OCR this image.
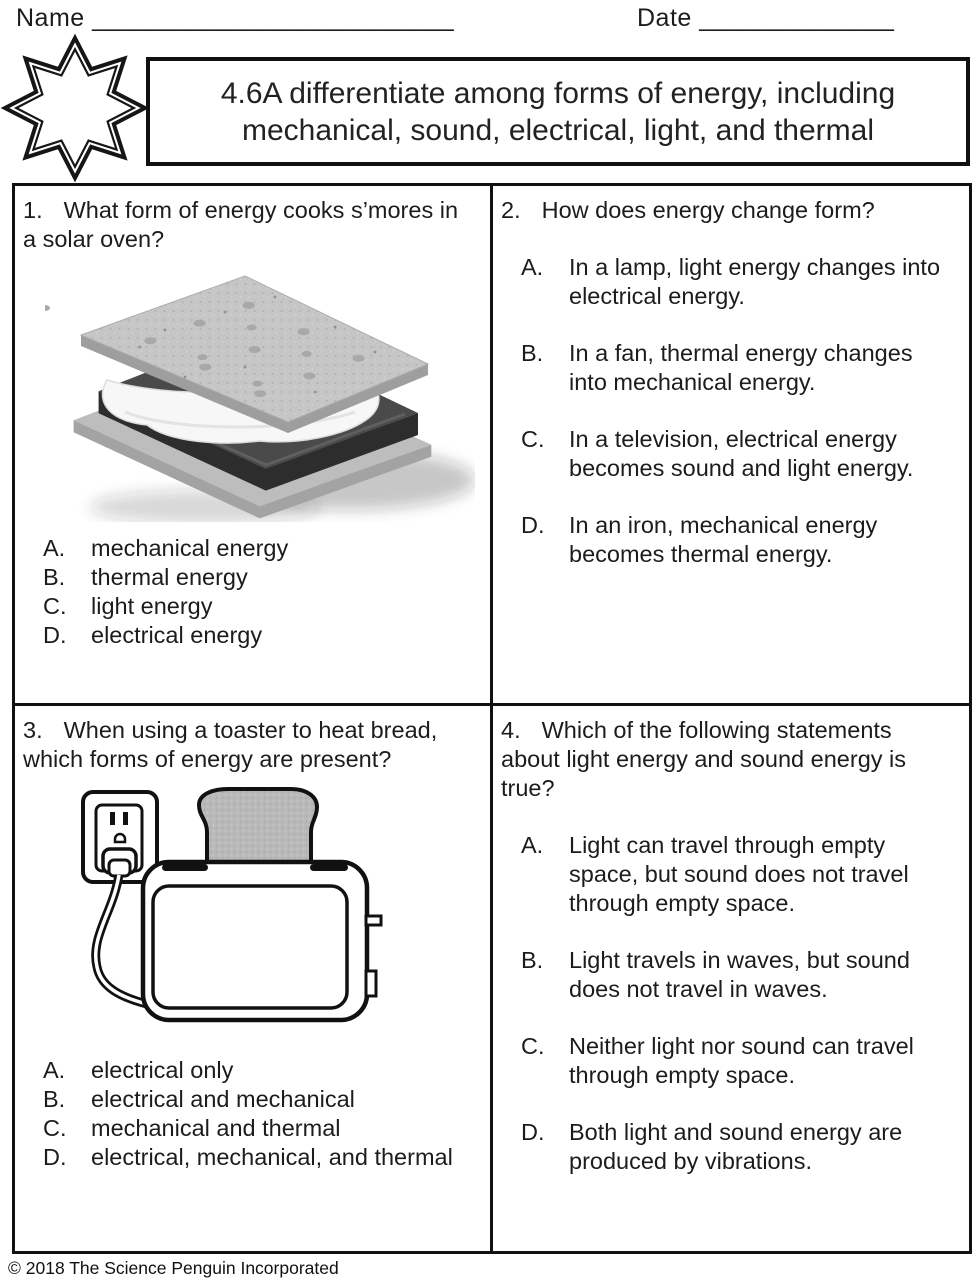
Name __________________________	Date ______________
4.6A differentiate among forms of energy, including
mechanical, sound, electrical, light, and thermal

1. What form of energy cooks s’mores in a solar oven?

A.	mechanical energy
B.	thermal energy
C.	light energy
D.	electrical energy

2. How does energy change form?

A.	In a lamp, light energy changes into electrical energy.
B.	In a fan, thermal energy changes into mechanical energy.
C.	In a television, electrical energy becomes sound and light energy.
D.	In an iron, mechanical energy becomes thermal energy.

3. When using a toaster to heat bread, which forms of energy are present?

A.	electrical only
B.	electrical and mechanical
C.	mechanical and thermal
D.	electrical, mechanical, and thermal

4. Which of the following statements about light energy and sound energy is true?

A.	Light can travel through empty space, but sound does not travel through empty space.
B.	Light travels in waves, but sound does not travel in waves.
C.	Neither light nor sound can travel through empty space.
D.	Both light and sound energy are produced by vibrations.
© 2018 The Science Penguin Incorporated
